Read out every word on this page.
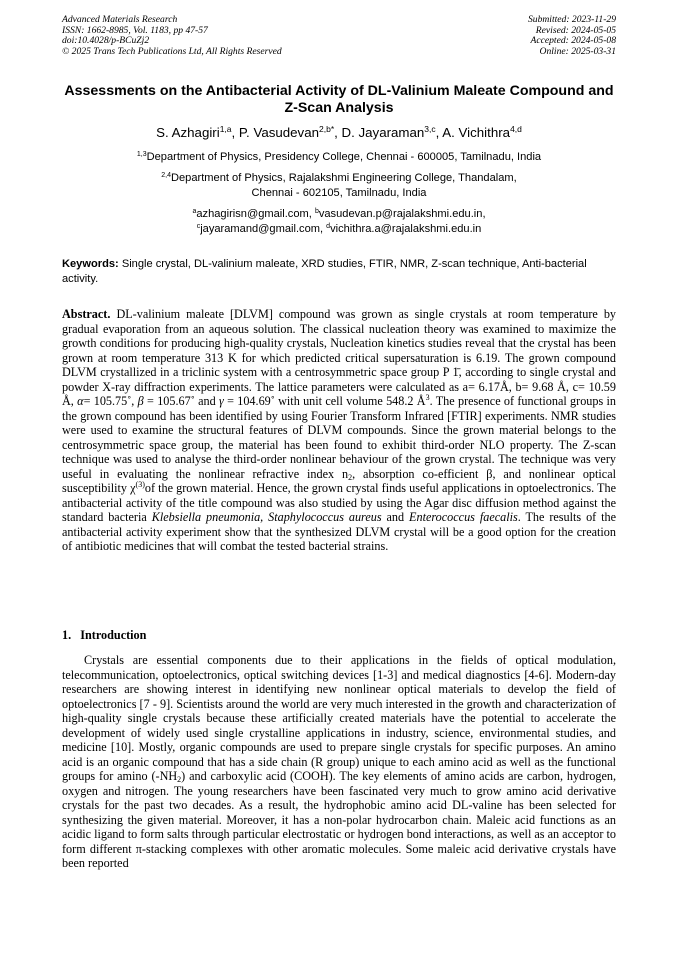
Advanced Materials Research
ISSN: 1662-8985, Vol. 1183, pp 47-57
doi:10.4028/p-BCuZj2
© 2025 Trans Tech Publications Ltd, All Rights Reserved
Submitted: 2023-11-29
Revised: 2024-05-05
Accepted: 2024-05-08
Online: 2025-03-31
Assessments on the Antibacterial Activity of DL-Valinium Maleate Compound and Z-Scan Analysis
S. Azhagiri$^{1,a}$, P. Vasudevan$^{2,b*}$, D. Jayaraman$^{3,c}$, A. Vichithra$^{4,d}$
$^{1,3}$Department of Physics, Presidency College, Chennai - 600005, Tamilnadu, India
$^{2,4}$Department of Physics, Rajalakshmi Engineering College, Thandalam,
Chennai - 602105, Tamilnadu, India
$^a$azhagirisn@gmail.com, $^b$vasudevan.p@rajalakshmi.edu.in,
$^c$jayaramand@gmail.com, $^d$vichithra.a@rajalakshmi.edu.in
Keywords: Single crystal, DL-valinium maleate, XRD studies, FTIR, NMR, Z-scan technique, Anti-bacterial activity.
Abstract. DL-valinium maleate [DLVM] compound was grown as single crystals at room temperature by gradual evaporation from an aqueous solution. The classical nucleation theory was examined to maximize the growth conditions for producing high-quality crystals, Nucleation kinetics studies reveal that the crystal has been grown at room temperature 313 K for which predicted critical supersaturation is 6.19. The grown compound DLVM crystallized in a triclinic system with a centrosymmetric space group P 1̄, according to single crystal and powder X-ray diffraction experiments. The lattice parameters were calculated as a= 6.17Å, b= 9.68 Å, c= 10.59 Å, α= 105.75˚, β = 105.67˚ and γ = 104.69˚ with unit cell volume 548.2 $Å^3$. The presence of functional groups in the grown compound has been identified by using Fourier Transform Infrared [FTIR] experiments. NMR studies were used to examine the structural features of DLVM compounds. Since the grown material belongs to the centrosymmetric space group, the material has been found to exhibit third-order NLO property. The Z-scan technique was used to analyse the third-order nonlinear behaviour of the grown crystal. The technique was very useful in evaluating the nonlinear refractive index $n_2$, absorption co-efficient β, and nonlinear optical susceptibility $\chi^{(3)}of$ the grown material. Hence, the grown crystal finds useful applications in optoelectronics. The antibacterial activity of the title compound was also studied by using the Agar disc diffusion method against the standard bacteria Klebsiella pneumonia, Staphylococcus aureus and Enterococcus faecalis. The results of the antibacterial activity experiment show that the synthesized DLVM crystal will be a good option for the creation of antibiotic medicines that will combat the tested bacterial strains.
1.   Introduction
Crystals are essential components due to their applications in the fields of optical modulation, telecommunication, optoelectronics, optical switching devices [1-3] and medical diagnostics [4-6]. Modern-day researchers are showing interest in identifying new nonlinear optical materials to develop the field of optoelectronics [7 - 9]. Scientists around the world are very much interested in the growth and characterization of high-quality single crystals because these artificially created materials have the potential to accelerate the development of widely used single crystalline applications in industry, science, environmental studies, and medicine [10]. Mostly, organic compounds are used to prepare single crystals for specific purposes. An amino acid is an organic compound that has a side chain (R group) unique to each amino acid as well as the functional groups for amino $(-NH_2)$ and carboxylic acid (COOH). The key elements of amino acids are carbon, hydrogen, oxygen and nitrogen. The young researchers have been fascinated very much to grow amino acid derivative crystals for the past two decades. As a result, the hydrophobic amino acid DL-valine has been selected for synthesizing the given material. Moreover, it has a non-polar hydrocarbon chain. Maleic acid functions as an acidic ligand to form salts through particular electrostatic or hydrogen bond interactions, as well as an acceptor to form different π-stacking complexes with other aromatic molecules. Some maleic acid derivative crystals have been reported
